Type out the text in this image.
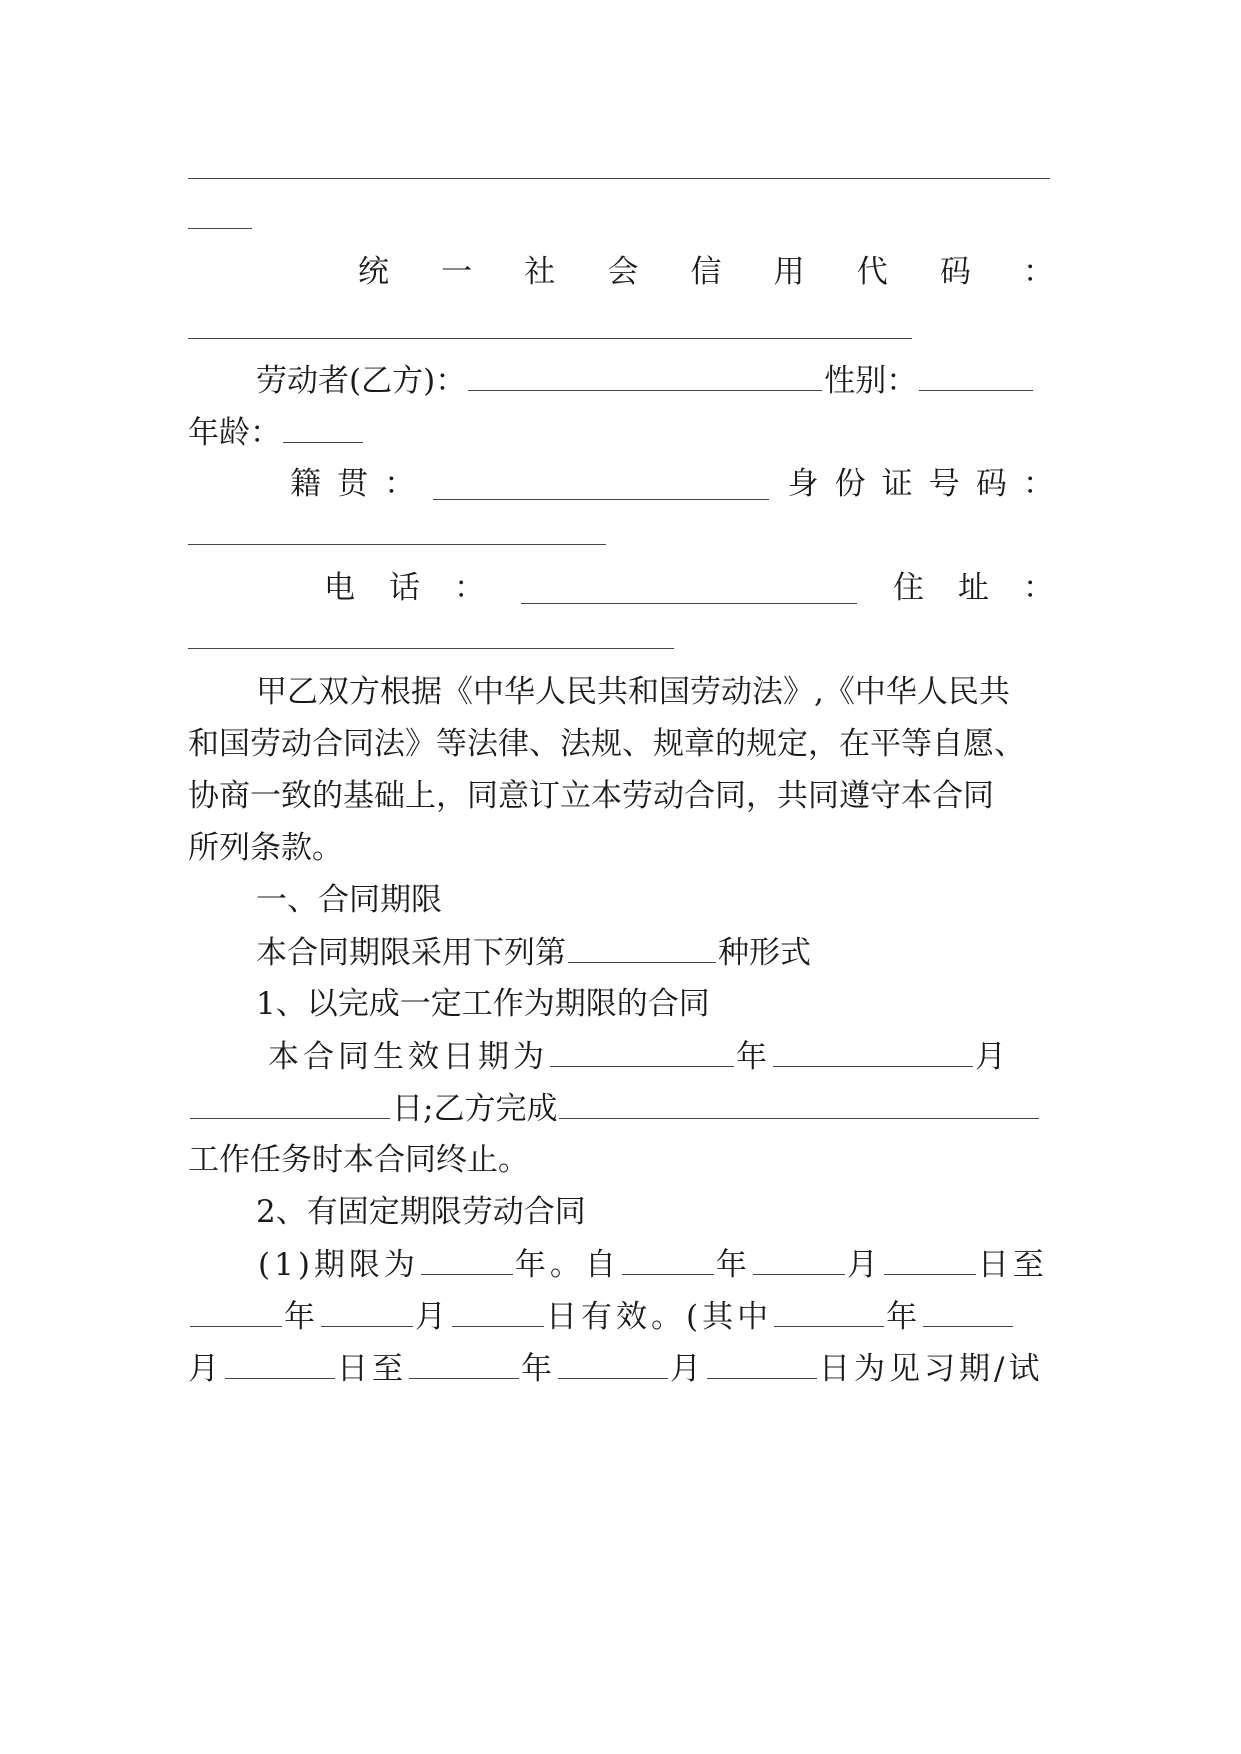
统 一 社 会 信 用 代 码 ：
劳动者(乙方)：	性别：
年龄：
籍 贯 ：	身 份 证 号 码 ：
电 话 ：	住 址 ：
甲乙双方根据《中华人民共和国劳动法》,《中华人民共
和国劳动合同法》等法律、法规、规章的规定，在平等自愿、
协商一致的基础上，同意订立本劳动合同，共同遵守本合同
所列条款。
一、合同期限
本合同期限采用下列第	种形式
1、以完成一定工作为期限的合同
本合同生效日期为	年	月
日;乙方完成
工作任务时本合同终止。
2、有固定期限劳动合同
(1)期限为	年。自	年	月	日至
年	月	日有效。(其中	年
月	日至	年	月	日为见习期/试
